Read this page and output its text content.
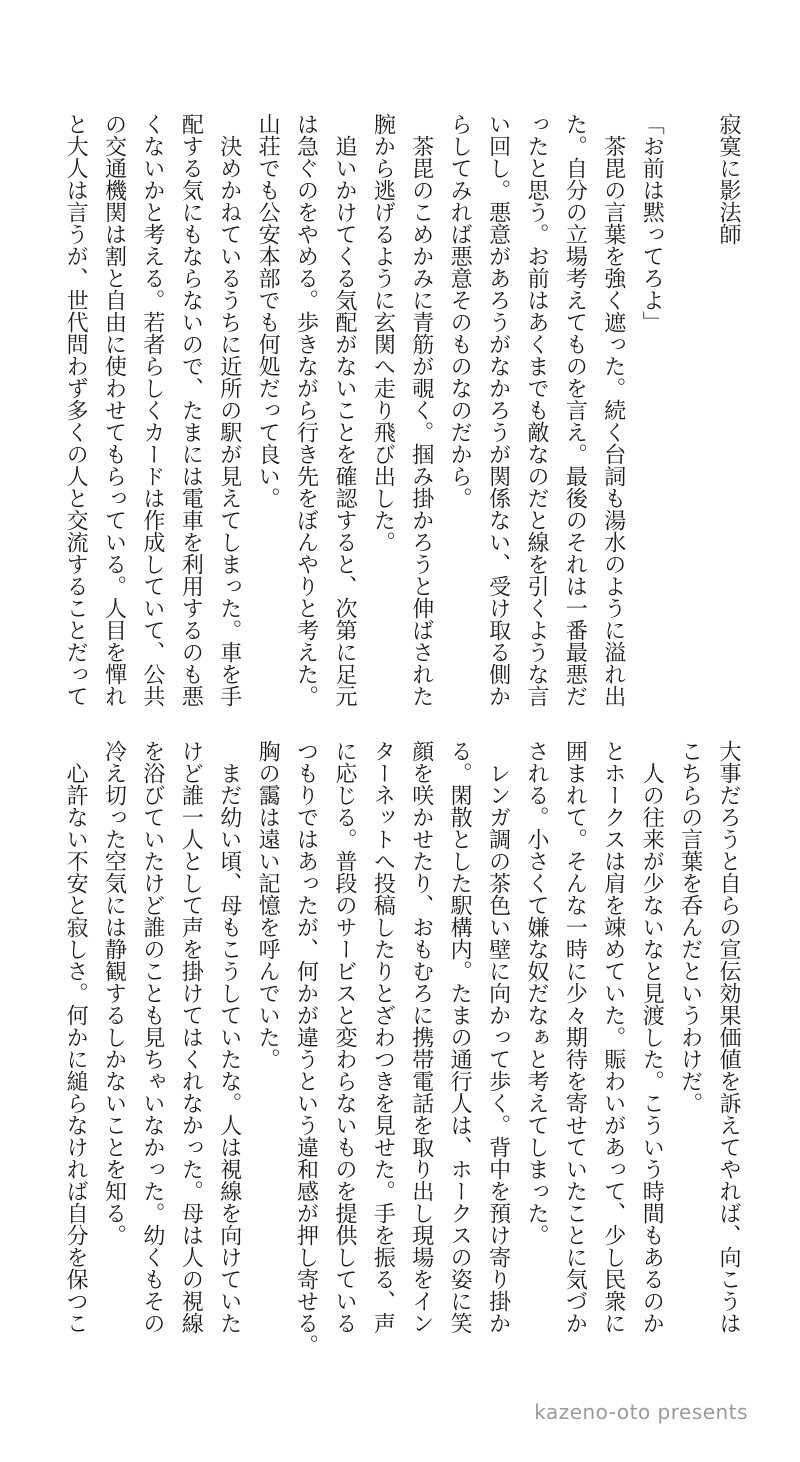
寂寞に影法師

「お前は黙ってろよ」
　茶毘の言葉を強く遮った。続く台詞も湯水のように溢れ出
た。自分の立場考えてものを言え。最後のそれは一番最悪だ
ったと思う。お前はあくまでも敵なのだと線を引くような言
い回し。悪意があろうがなかろうが関係ない、受け取る側か
らしてみれば悪意そのものなのだから。
　茶毘のこめかみに青筋が覗く。掴み掛かろうと伸ばされた
腕から逃げるように玄関へ走り飛び出した。
　追いかけてくる気配がないことを確認すると、次第に足元
は急ぐのをやめる。歩きながら行き先をぼんやりと考えた。
山荘でも公安本部でも何処だって良い。
　決めかねているうちに近所の駅が見えてしまった。車を手
配する気にもならないので、たまには電車を利用するのも悪
くないかと考える。若者らしくカードは作成していて、公共
の交通機関は割と自由に使わせてもらっている。人目を憚れ
と大人は言うが、世代問わず多くの人と交流することだって
大事だろうと自らの宣伝効果価値を訴えてやれば、向こうは
こちらの言葉を呑んだというわけだ。
　人の往来が少ないなと見渡した。こういう時間もあるのか
とホークスは肩を竦めていた。賑わいがあって、少し民衆に
囲まれて。そんな一時に少々期待を寄せていたことに気づか
される。小さくて嫌な奴だなぁと考えてしまった。
　レンガ調の茶色い壁に向かって歩く。背中を預け寄り掛か
る。閑散とした駅構内。たまの通行人は、ホークスの姿に笑
顔を咲かせたり、おもむろに携帯電話を取り出し現場をイン
ターネットへ投稿したりとざわつきを見せた。手を振る、声
に応じる。普段のサービスと変わらないものを提供している
つもりではあったが、何かが違うという違和感が押し寄せる。
胸の靄は遠い記憶を呼んでいた。
　まだ幼い頃、母もこうしていたな。人は視線を向けていた
けど誰一人として声を掛けてはくれなかった。母は人の視線
を浴びていたけど誰のことも見ちゃいなかった。幼くもその
冷え切った空気には静観するしかないことを知る。
　心許ない不安と寂しさ。何かに縋らなければ自分を保つこ
kazeno-oto presents
